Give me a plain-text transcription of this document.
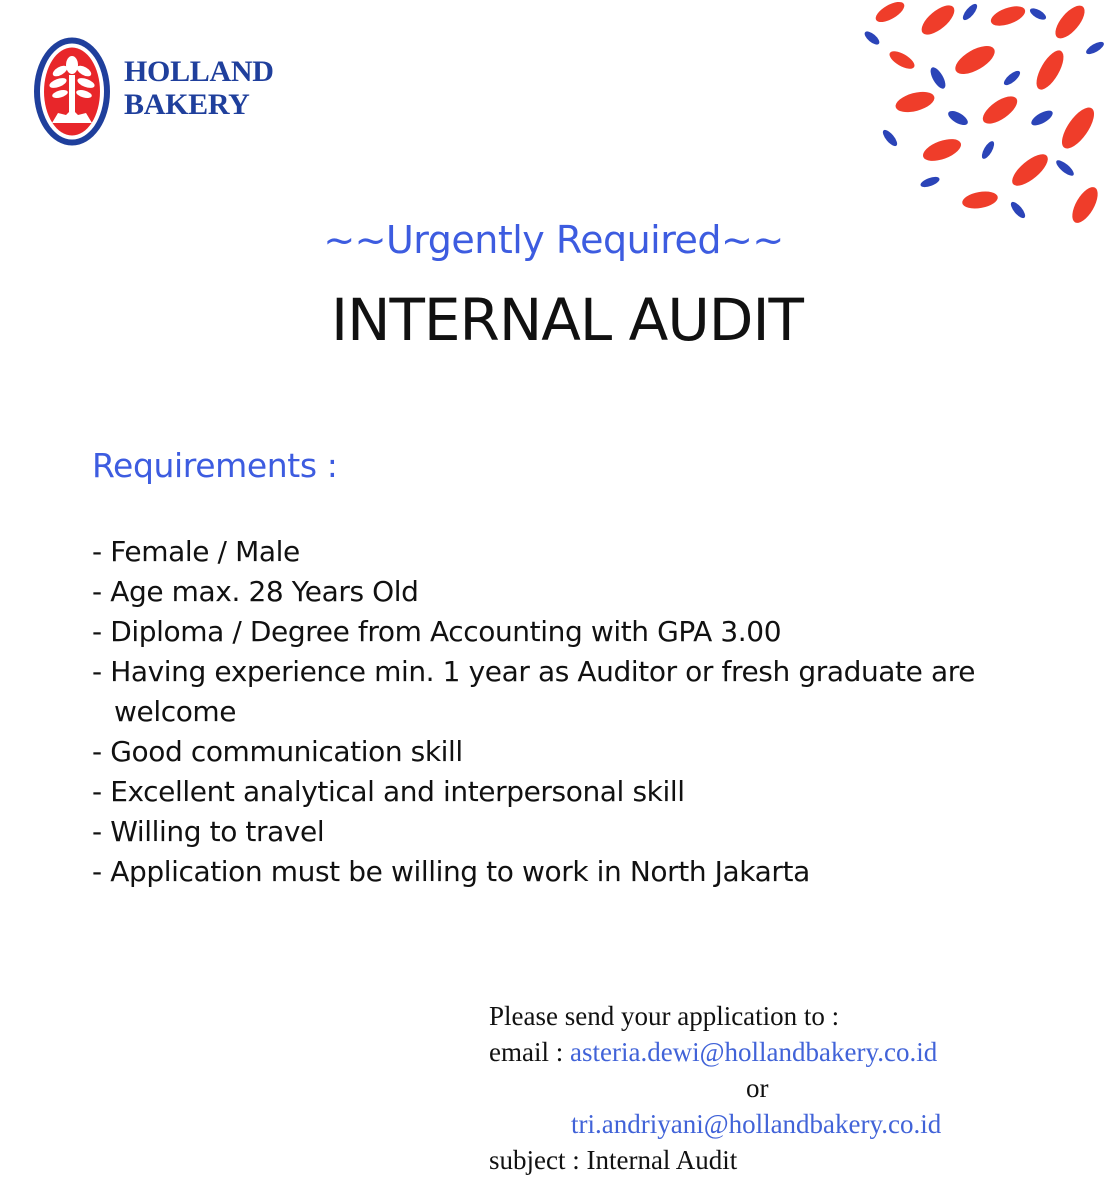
HOLLAND
BAKERY
~~Urgently Required~~
INTERNAL AUDIT
Requirements :
- Female / Male
- Age max. 28 Years Old
- Diploma / Degree from Accounting with GPA 3.00
- Having experience min. 1 year as Auditor or fresh graduate are welcome
- Good communication skill
- Excellent analytical and interpersonal skill
- Willing to travel
- Application must be willing to work in North Jakarta
Please send your application to :
email : asteria.dewi@hollandbakery.co.id
or
tri.andriyani@hollandbakery.co.id
subject : Internal Audit
